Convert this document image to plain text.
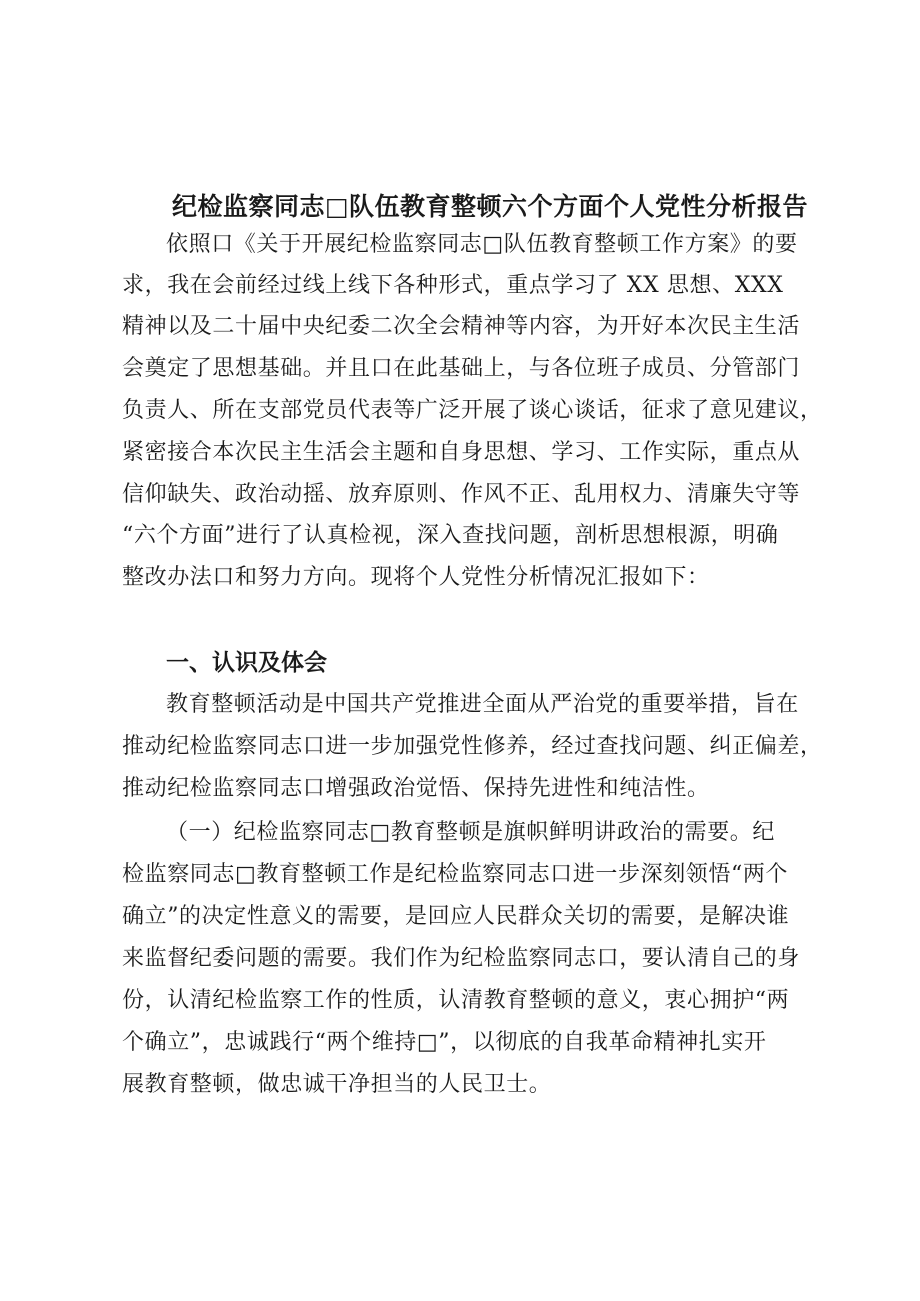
纪检监察同志□队伍教育整顿六个方面个人党性分析报告
依照口《关于开展纪检监察同志□队伍教育整顿工作方案》的要
求，我在会前经过线上线下各种形式，重点学习了 XX 思想、XXX
精神以及二十届中央纪委二次全会精神等内容，为开好本次民主生活
会奠定了思想基础。并且口在此基础上，与各位班子成员、分管部门
负责人、所在支部党员代表等广泛开展了谈心谈话，征求了意见建议，
紧密接合本次民主生活会主题和自身思想、学习、工作实际，重点从
信仰缺失、政治动摇、放弃原则、作风不正、乱用权力、清廉失守等
“六个方面”进行了认真检视，深入查找问题，剖析思想根源，明确
整改办法口和努力方向。现将个人党性分析情况汇报如下：
一、认识及体会
教育整顿活动是中国共产党推进全面从严治党的重要举措，旨在
推动纪检监察同志口进一步加强党性修养，经过查找问题、纠正偏差，
推动纪检监察同志口增强政治觉悟、保持先进性和纯洁性。
（一）纪检监察同志□教育整顿是旗帜鲜明讲政治的需要。纪
检监察同志□教育整顿工作是纪检监察同志口进一步深刻领悟“两个
确立”的决定性意义的需要，是回应人民群众关切的需要，是解决谁
来监督纪委问题的需要。我们作为纪检监察同志口，要认清自己的身
份，认清纪检监察工作的性质，认清教育整顿的意义，衷心拥护“两
个确立”，忠诚践行“两个维持□”，以彻底的自我革命精神扎实开
展教育整顿，做忠诚干净担当的人民卫士。
